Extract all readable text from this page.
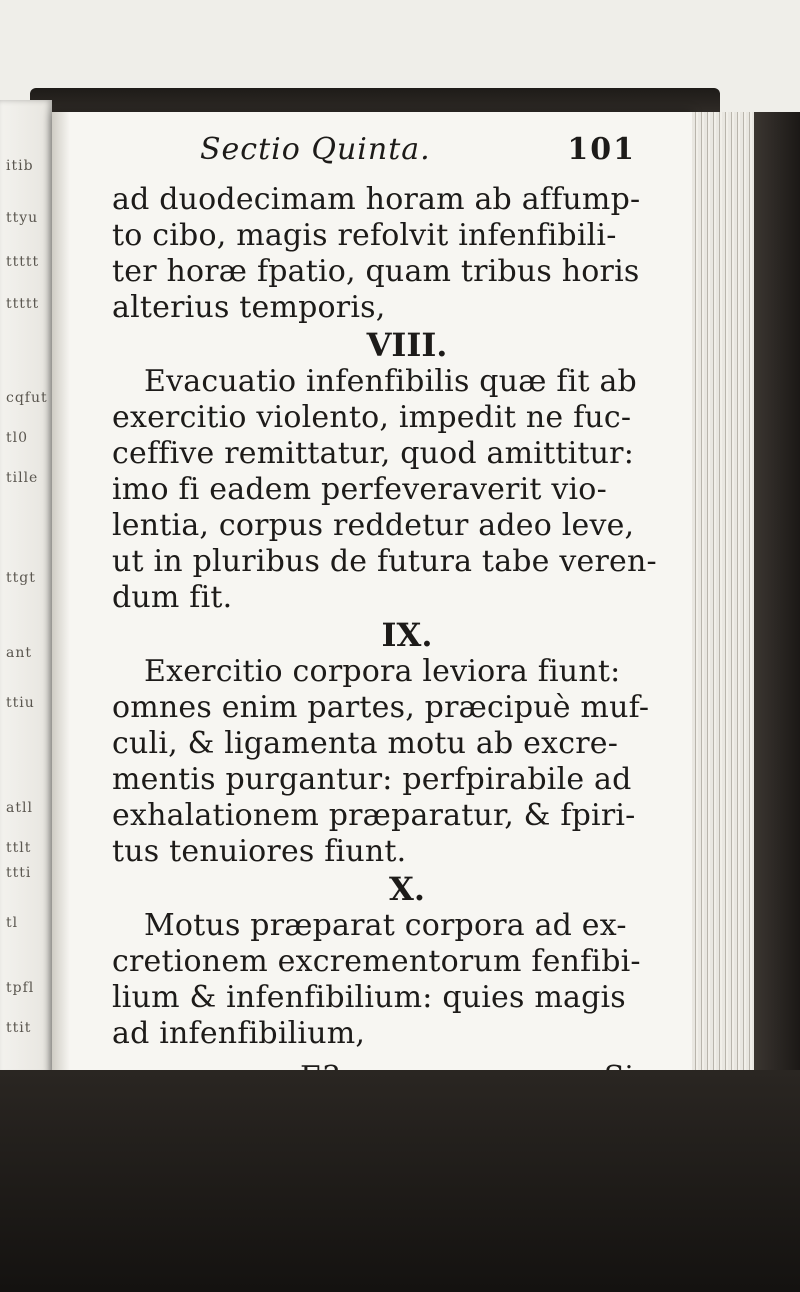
itib
ttyu
ttttt
ttttt
cqfut
tl0
tille
ttgt
ant
ttiu
atll
ttlt
ttti
tl
tpfl
ttit
Sectio Quinta.	101
ad duodecimam horam ab affump-
to cibo, magis refolvit infenfibili-
ter horæ fpatio, quam tribus horis
alterius temporis,
VIII.
Evacuatio infenfibilis quæ fit ab
exercitio violento, impedit ne fuc-
ceffive remittatur, quod amittitur:
imo fi eadem perfeveraverit vio-
lentia, corpus reddetur adeo leve,
ut in pluribus de futura tabe veren-
dum fit.
IX.
Exercitio corpora leviora fiunt:
omnes enim partes, præcipuè muf-
culi, & ligamenta motu ab excre-
mentis purgantur: perfpirabile ad
exhalationem præparatur, & fpiri-
tus tenuiores fiunt.
X.
Motus præparat corpora ad ex-
cretionem excrementorum fenfibi-
lium & infenfibilium: quies magis
ad infenfibilium,
